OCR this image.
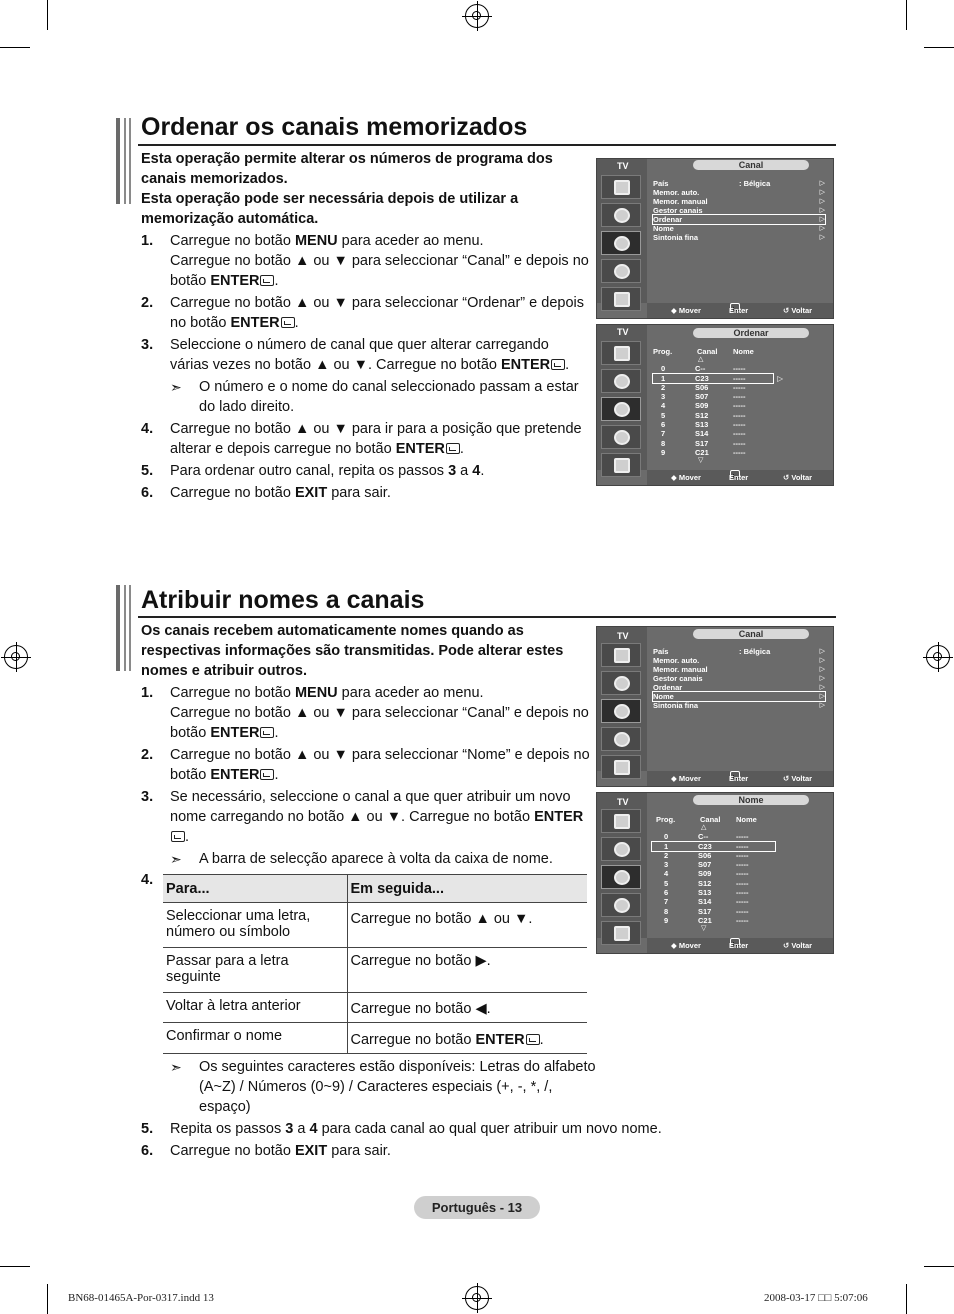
Ordenar os canais memorizados
Esta operação permite alterar os números de programa dos canais memorizados.
Esta operação pode ser necessária depois de utilizar a memorização automática.
1.	Carregue no botão MENU para aceder ao menu.
Carregue no botão ▲ ou ▼ para seleccionar “Canal” e depois no botão ENTER .
2.	Carregue no botão ▲ ou ▼ para seleccionar “Ordenar” e depois no botão ENTER .
3.	Seleccione o número de canal que quer alterar carregando várias vezes no botão ▲ ou ▼. Carregue no botão ENTER .
➣	O número e o nome do canal seleccionado passam a estar do lado direito.
4.	Carregue no botão ▲ ou ▼ para ir para a posição que pretende alterar e depois carregue no botão ENTER .
5.	Para ordenar outro canal, repita os passos 3 a 4.
6.	Carregue no botão EXIT para sair.
TV	Canal
País	: Bélgica	▷
Memor. auto.	▷
Memor. manual	▷
Gestor canais	▷
Ordenar	▷
Nome	▷
Sintonia fina	▷
◆ Mover	Enter	↺ Voltar
TV	Ordenar
Prog.	Canal Nome
△
0	C--	-----
1	C23	-----	▷
2	S06	-----
3	S07	-----
4	S09	-----
5	S12	-----
6	S13	-----
7	S14	-----
8	S17	-----
9	C21	-----
▽
◆ Mover	Enter	↺ Voltar
Atribuir nomes a canais
Os canais recebem automaticamente nomes quando as respectivas informações são transmitidas. Pode alterar estes nomes e atribuir outros.
1.	Carregue no botão MENU para aceder ao menu.
Carregue no botão ▲ ou ▼ para seleccionar “Canal” e depois no botão ENTER .
2.	Carregue no botão ▲ ou ▼ para seleccionar “Nome” e depois no botão ENTER .
3.	Se necessário, seleccione o canal a que quer atribuir um novo nome carregando no botão ▲ ou ▼. Carregue no botão ENTER.
➣	A barra de selecção aparece à volta da caixa de nome.
4.
Para...	Em seguida...
Seleccionar uma letra, número ou símbolo	Carregue no botão ▲ ou ▼.
Passar para a letra seguinte	Carregue no botão ▶.
Voltar à letra anterior	Carregue no botão ◀.
Confirmar o nome	Carregue no botão ENTER .
➣	Os seguintes caracteres estão disponíveis: Letras do alfabeto (A~Z) / Números (0~9) / Caracteres especiais (+, -, *, /, espaço)
5.	Repita os passos 3 a 4 para cada canal ao qual quer atribuir um novo nome.
6.	Carregue no botão EXIT para sair.
TV	Canal
País	: Bélgica	▷
Memor. auto.	▷
Memor. manual	▷
Gestor canais	▷
Ordenar	▷
Nome	▷
Sintonia fina	▷
◆ Mover	Enter	↺ Voltar
TV	Nome
Prog.	Canal Nome
△
0	C--	-----
1	C23	-----
2	S06	-----
3	S07	-----
4	S09	-----
5	S12	-----
6	S13	-----
7	S14	-----
8	S17	-----
9	C21	-----
▽
◆ Mover	Enter	↺ Voltar
Português - 13
BN68-01465A-Por-0317.indd 13	2008-03-17 □□ 5:07:06
